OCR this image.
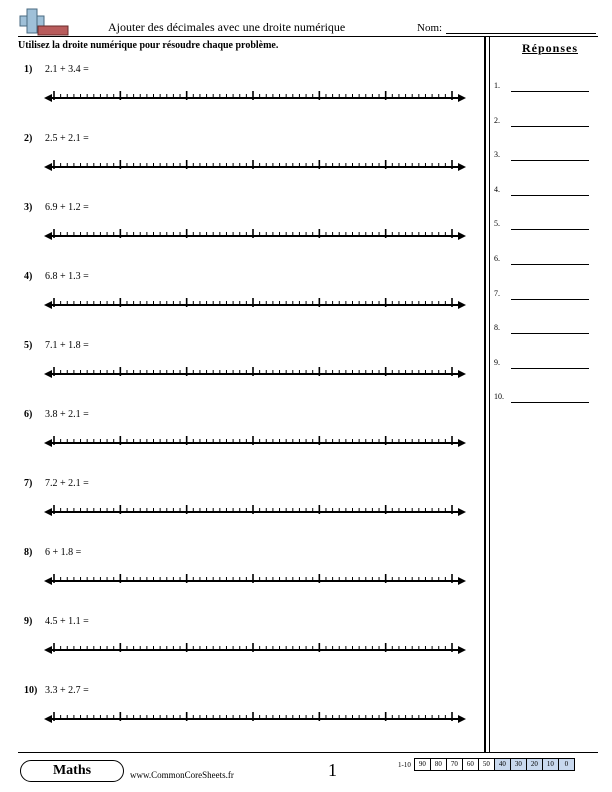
Ajouter des décimales avec une droite numérique	Nom:
Utilisez la droite numérique pour résoudre chaque problème.	Réponses
1.
2.
3.
4.
5.
6.
7.
8.
9.
10.
1) 2.1 + 3.4 =
2) 2.5 + 2.1 =
3) 6.9 + 1.2 =
4) 6.8 + 1.3 =
5) 7.1 + 1.8 =
6) 3.8 + 2.1 =
7) 7.2 + 2.1 =
8) 6 + 1.8 =
9) 4.5 + 1.1 =
10) 3.3 + 2.7 =
Maths	www.CommonCoreSheets.fr	1	1-10	90	80	70	60	50	40	30	20	10	0
